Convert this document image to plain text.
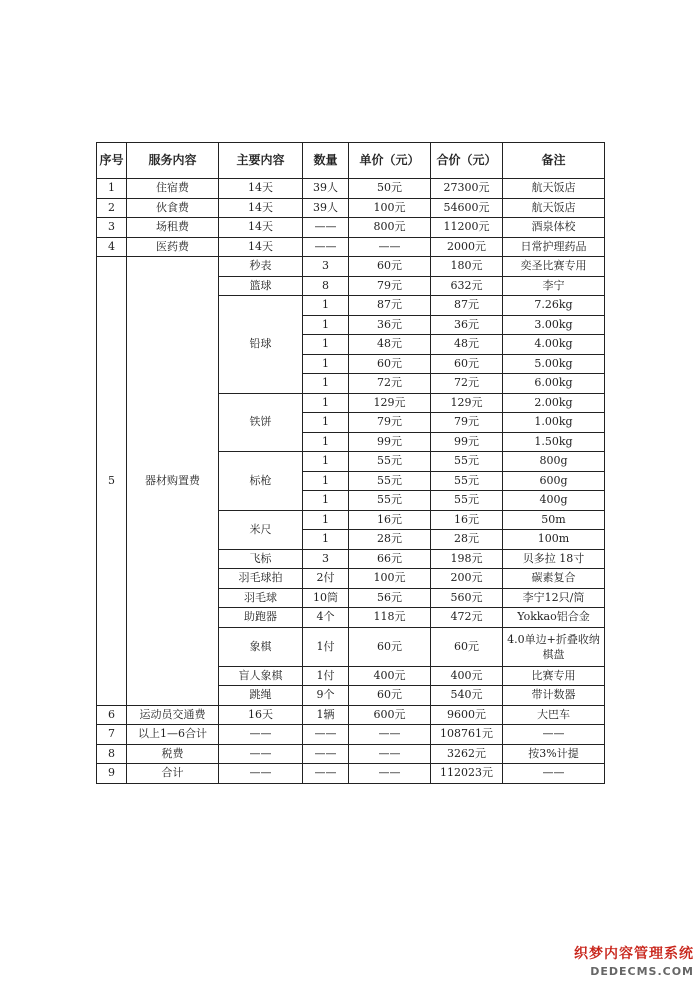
序号	服务内容	主要内容	数量	单价（元）	合价（元）	备注
1	住宿费	14天	39人	50元	27300元	航天饭店
2	伙食费	14天	39人	100元	54600元	航天饭店
3	场租费	14天	——	800元	11200元	酒泉体校
4	医药费	14天	——	——	2000元	日常护理药品
5	器材购置费	秒表	3	60元	180元	奕圣比赛专用
		篮球	8	79元	632元	李宁
		铅球	1	87元	87元	7.26kg
			1	36元	36元	3.00kg
			1	48元	48元	4.00kg
			1	60元	60元	5.00kg
			1	72元	72元	6.00kg
		铁饼	1	129元	129元	2.00kg
			1	79元	79元	1.00kg
			1	99元	99元	1.50kg
		标枪	1	55元	55元	800g
			1	55元	55元	600g
			1	55元	55元	400g
		米尺	1	16元	16元	50m
			1	28元	28元	100m
		飞标	3	66元	198元	贝多拉 18寸
		羽毛球拍	2付	100元	200元	碳素复合
		羽毛球	10筒	56元	560元	李宁12只/筒
		助跑器	4个	118元	472元	Yokkao铝合金
		象棋	1付	60元	60元	4.0单边+折叠收纳棋盘
		盲人象棋	1付	400元	400元	比赛专用
		跳绳	9个	60元	540元	带计数器
6	运动员交通费	16天	1辆	600元	9600元	大巴车
7	以上1—6合计	——	——	——	108761元	——
8	税费	——	——	——	3262元	按3%计提
9	合计	——	——	——	112023元	——
织梦内容管理系统
DEDECMS.COM
